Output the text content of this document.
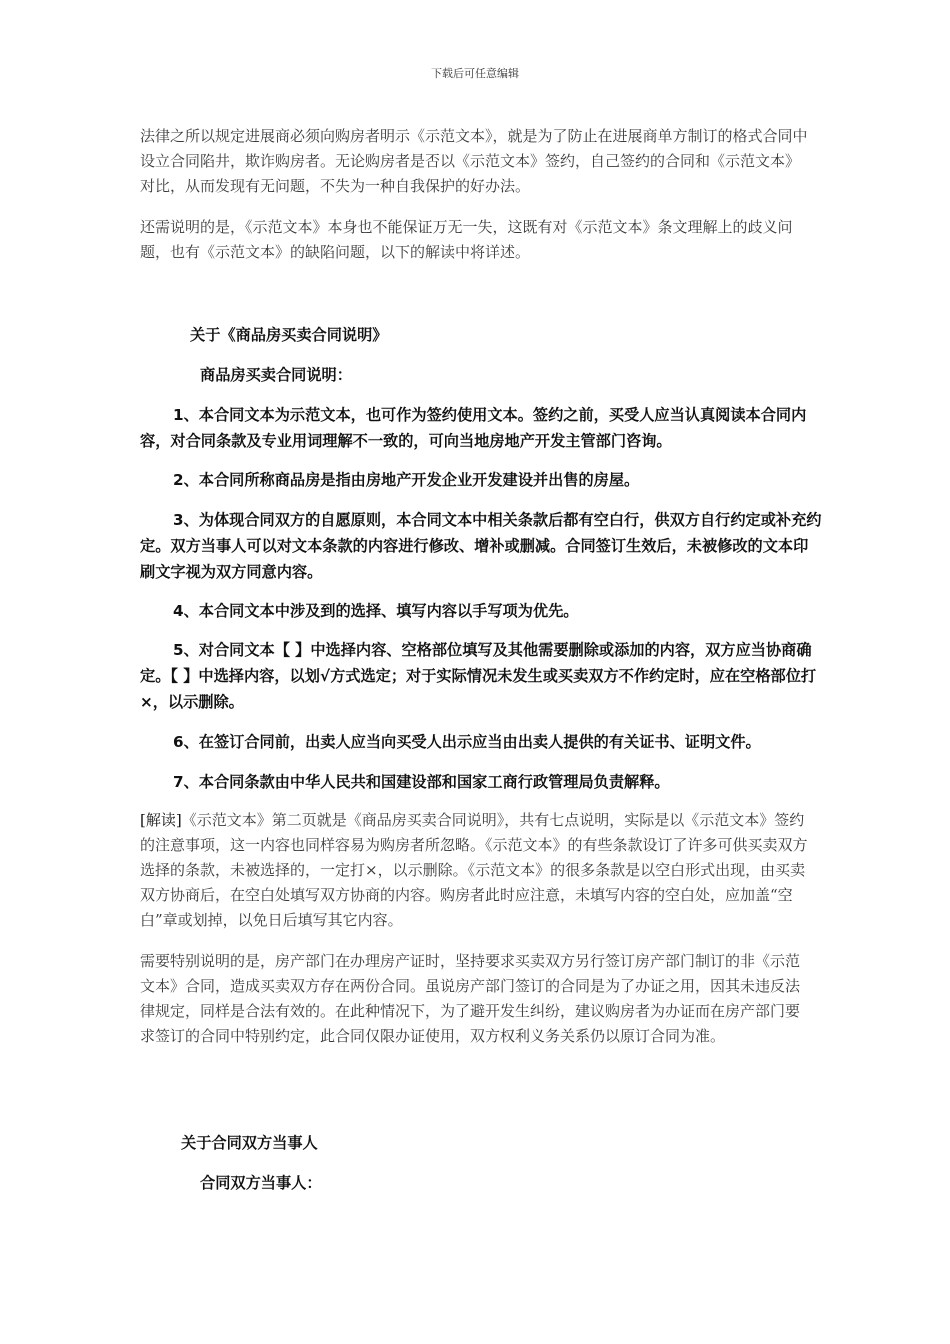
下载后可任意编辑

法律之所以规定进展商必须向购房者明示《示范文本》，就是为了防止在进展商单方制订的格式合同中设立合同陷井，欺诈购房者。无论购房者是否以《示范文本》签约，自己签约的合同和《示范文本》对比，从而发现有无问题，不失为一种自我保护的好办法。

还需说明的是，《示范文本》本身也不能保证万无一失，这既有对《示范文本》条文理解上的歧义问题，也有《示范文本》的缺陷问题，以下的解读中将详述。

关于《商品房买卖合同说明》

商品房买卖合同说明：

1、本合同文本为示范文本，也可作为签约使用文本。签约之前，买受人应当认真阅读本合同内容，对合同条款及专业用词理解不一致的，可向当地房地产开发主管部门咨询。

2、本合同所称商品房是指由房地产开发企业开发建设并出售的房屋。

3、为体现合同双方的自愿原则，本合同文本中相关条款后都有空白行，供双方自行约定或补充约定。双方当事人可以对文本条款的内容进行修改、增补或删减。合同签订生效后，未被修改的文本印刷文字视为双方同意内容。

4、本合同文本中涉及到的选择、填写内容以手写项为优先。

5、对合同文本【 】中选择内容、空格部位填写及其他需要删除或添加的内容，双方应当协商确定。【 】中选择内容，以划√方式选定；对于实际情况未发生或买卖双方不作约定时，应在空格部位打×，以示删除。

6、在签订合同前，出卖人应当向买受人出示应当由出卖人提供的有关证书、证明文件。

7、本合同条款由中华人民共和国建设部和国家工商行政管理局负责解释。

[解读]《示范文本》第二页就是《商品房买卖合同说明》，共有七点说明，实际是以《示范文本》签约的注意事项，这一内容也同样容易为购房者所忽略。《示范文本》的有些条款设订了许多可供买卖双方选择的条款，未被选择的，一定打×，以示删除。《示范文本》的很多条款是以空白形式出现，由买卖双方协商后，在空白处填写双方协商的内容。购房者此时应注意，未填写内容的空白处，应加盖“空白”章或划掉，以免日后填写其它内容。

需要特别说明的是，房产部门在办理房产证时，坚持要求买卖双方另行签订房产部门制订的非《示范文本》合同，造成买卖双方存在两份合同。虽说房产部门签订的合同是为了办证之用，因其未违反法律规定，同样是合法有效的。在此种情况下，为了避开发生纠纷，建议购房者为办证而在房产部门要求签订的合同中特别约定，此合同仅限办证使用，双方权利义务关系仍以原订合同为准。

关于合同双方当事人

合同双方当事人：
